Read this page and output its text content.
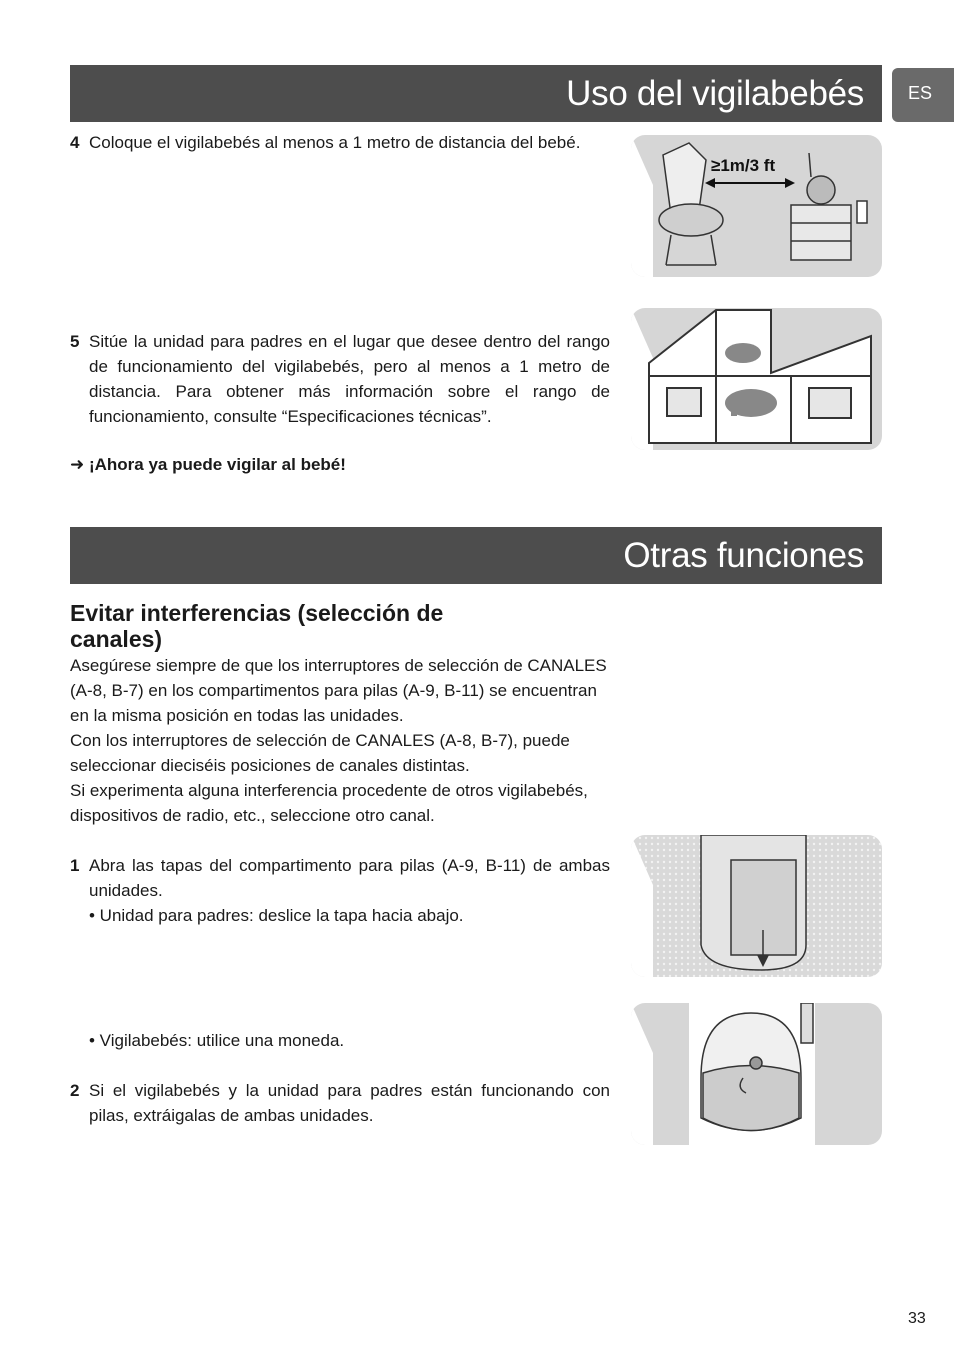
Uso del vigilabebés	ES
4 Coloque el vigilabebés al menos a 1 metro de distancia del bebé.
≥1m/3 ft
5 Sitúe la unidad para padres en el lugar que desee dentro del rango de funcionamiento del vigilabebés, pero al menos a 1 metro de distancia. Para obtener más información sobre el rango de funcionamiento, consulte “Especificaciones técnicas”.
➜ ¡Ahora ya puede vigilar al bebé!
Otras funciones
Evitar interferencias (selección de canales)
Asegúrese siempre de que los interruptores de selección de CANALES (A-8, B-7) en los compartimentos para pilas (A-9, B-11) se encuentran en la misma posición en todas las unidades.
Con los interruptores de selección de CANALES (A-8, B-7), puede seleccionar dieciséis posiciones de canales distintas.
Si experimenta alguna interferencia procedente de otros vigilabebés, dispositivos de radio, etc., seleccione otro canal.
1 Abra las tapas del compartimento para pilas (A-9, B-11) de ambas unidades.
• Unidad para padres: deslice la tapa hacia abajo.
• Vigilabebés: utilice una moneda.
2 Si el vigilabebés y la unidad para padres están funcionando con pilas, extráigalas de ambas unidades.
33
